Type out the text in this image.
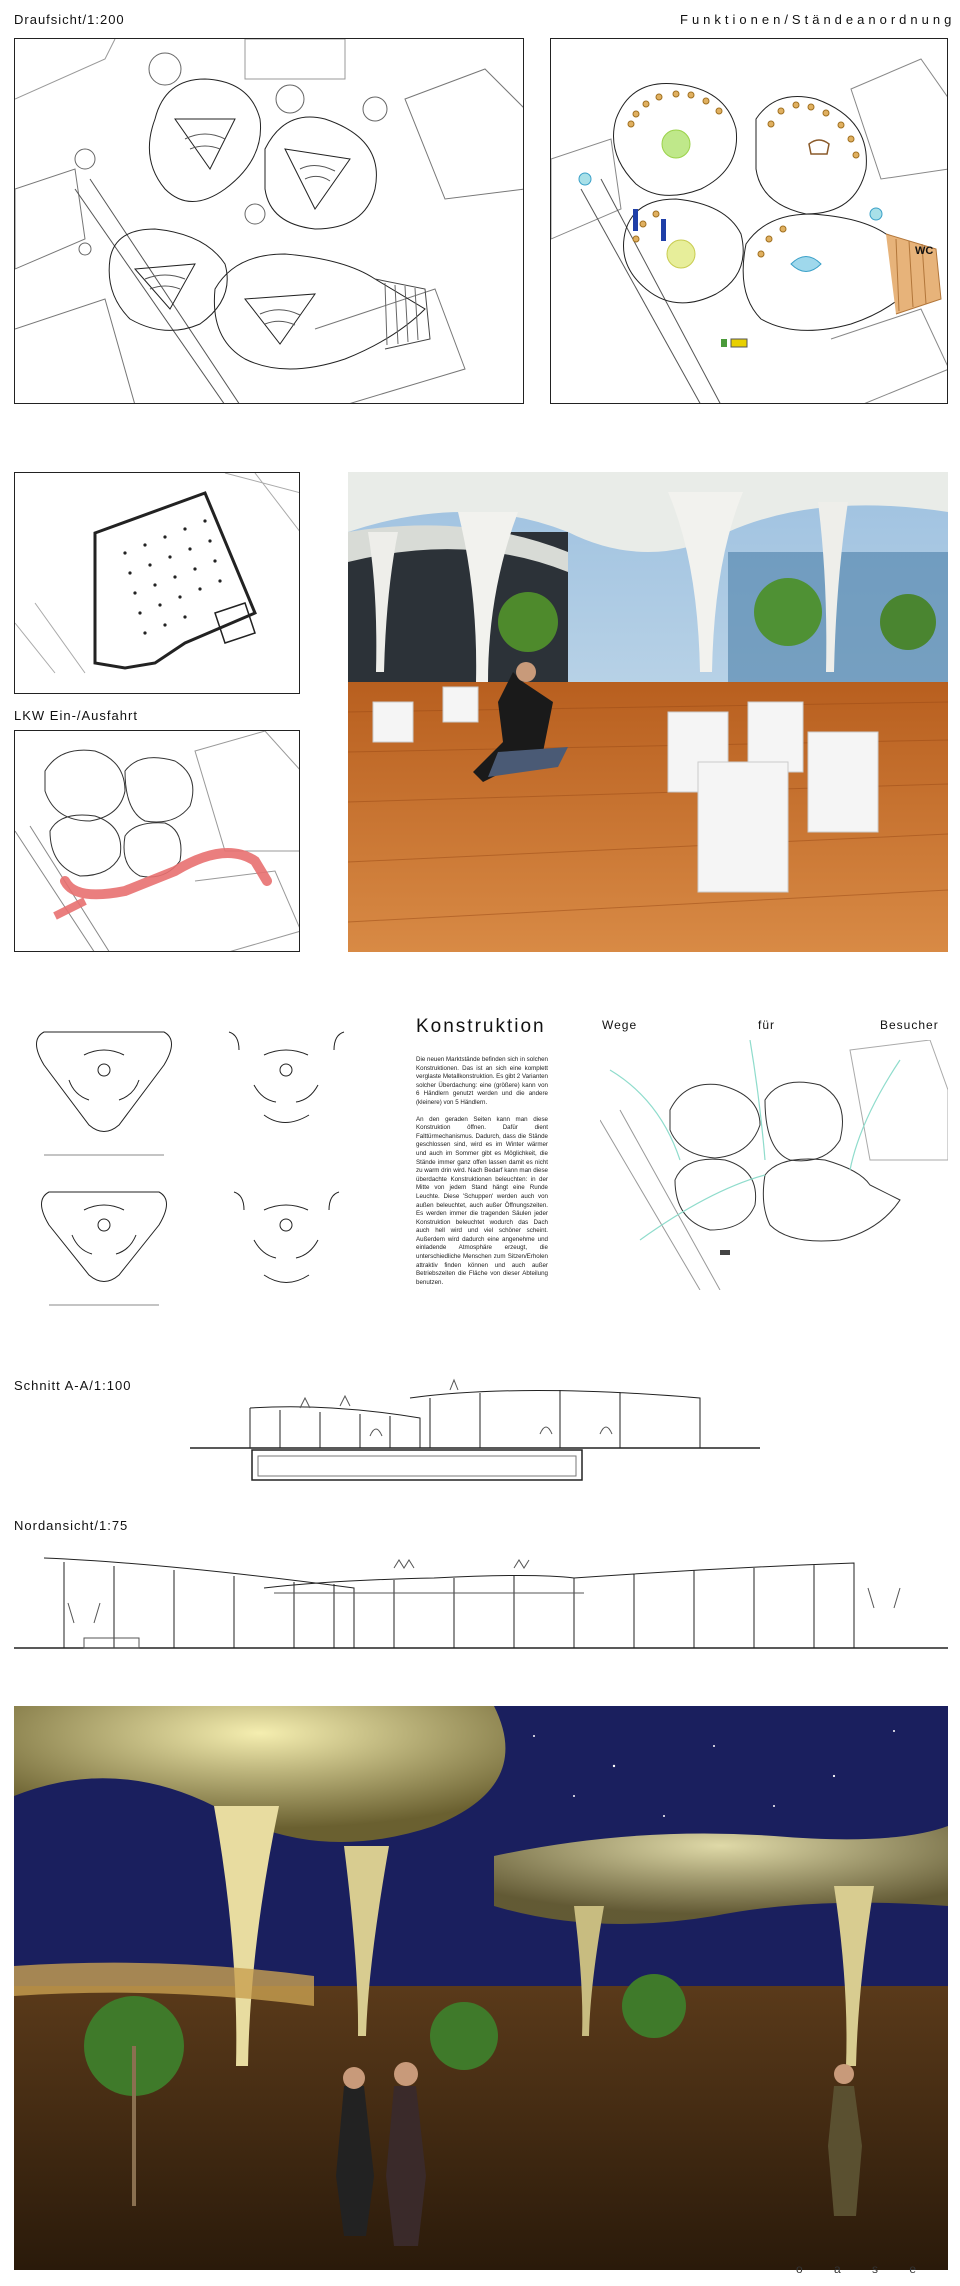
Draufsicht/1:200	Funktionen/Ständeanordnung
WC
LKW Ein-/Ausfahrt
Konstruktion

Die neuen Marktstände befinden sich in solchen Konstruktionen. Das ist an sich eine komplett verglaste Metallkonstruktion. Es gibt 2 Varianten solcher Überdachung: eine (größere) kann von 6 Händlern genutzt werden und die andere (kleinere) von 5 Händlern.

An den geraden Seiten kann man diese Konstruktion öffnen. Dafür dient Falttürmechanismus. Dadurch, dass die Stände geschlossen sind, wird es im Winter wärmer und auch im Sommer gibt es Möglichkeit, die Stände immer ganz offen lassen damit es nicht zu warm drin wird. Nach Bedarf kann man diese überdachte Konstruktionen beleuchten: in der Mitte von jedem Stand hängt eine Runde Leuchte. Diese 'Schuppen' werden auch von außen beleuchtet, auch außer Öffnungszeiten. Es werden immer die tragenden Säulen jeder Konstruktion beleuchtet wodurch das Dach auch hell wird und viel schöner scheint. Außerdem wird dadurch eine angenehme und einladende Atmosphäre erzeugt, die unterschiedliche Menschen zum Sitzen/Erholen attraktiv finden können und auch außer Betriebszeiten die Fläche von dieser Abteilung benutzen.

Wege	für	Besucher
Schnitt A-A/1:100
Nordansicht/1:75
o a s e
